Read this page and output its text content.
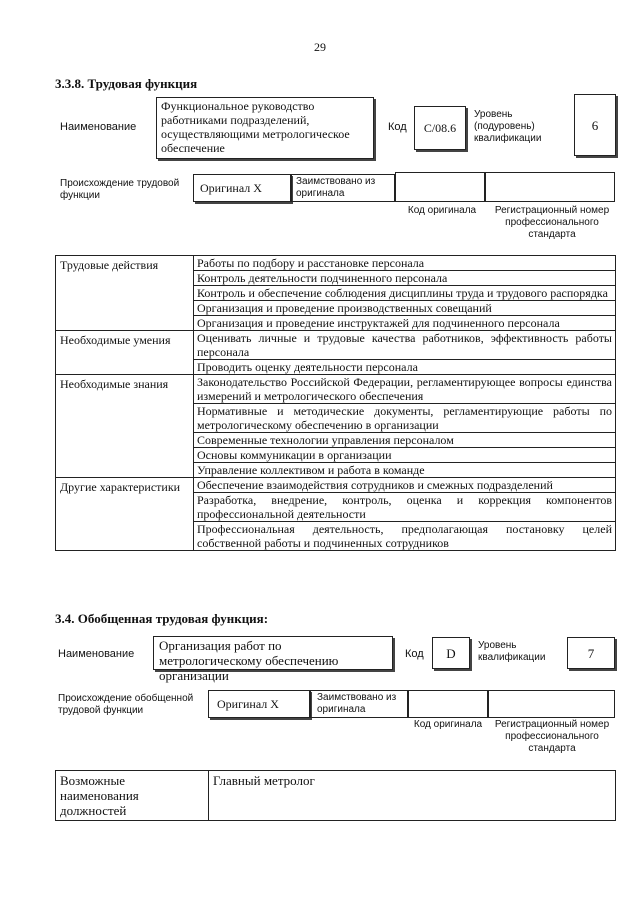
29
3.3.8. Трудовая функция
Наименование
Функциональное руководство работниками подразделений, осуществляющими метрологическое обеспечение
Код	С/08.6
Уровень (подуровень) квалификации
6
Происхождение трудовой функции
Оригинал X	Заимствовано из оригинала
Код оригинала	Регистрационный номер профессионального стандарта
Трудовые действия	Работы по подбору и расстановке персонала
	Контроль деятельности подчиненного персонала
	Контроль и обеспечение соблюдения дисциплины труда и трудового распорядка
	Организация и проведение производственных совещаний
	Организация и проведение инструктажей для подчиненного персонала
Необходимые умения	Оценивать личные и трудовые качества работников, эффективность работы персонала
	Проводить оценку деятельности персонала
Необходимые знания	Законодательство Российской Федерации, регламентирующее вопросы единства измерений и метрологического обеспечения
	Нормативные и методические документы, регламентирующие работы по метрологическому обеспечению в организации
	Современные технологии управления персоналом
	Основы коммуникации в организации
	Управление коллективом и работа в команде
Другие характеристики	Обеспечение взаимодействия сотрудников и смежных подразделений
	Разработка, внедрение, контроль, оценка и коррекция компонентов профессиональной деятельности
	Профессиональная деятельность, предполагающая постановку целей собственной работы и подчиненных сотрудников
3.4. Обобщенная трудовая функция:
Наименование
Организация работ по метрологическому обеспечению организации
Код	D
Уровень квалификации	7
Происхождение обобщенной трудовой функции	Оригинал X	Заимствовано из оригинала
Код оригинала	Регистрационный номер профессионального стандарта
Возможные наименования должностей	Главный метролог
